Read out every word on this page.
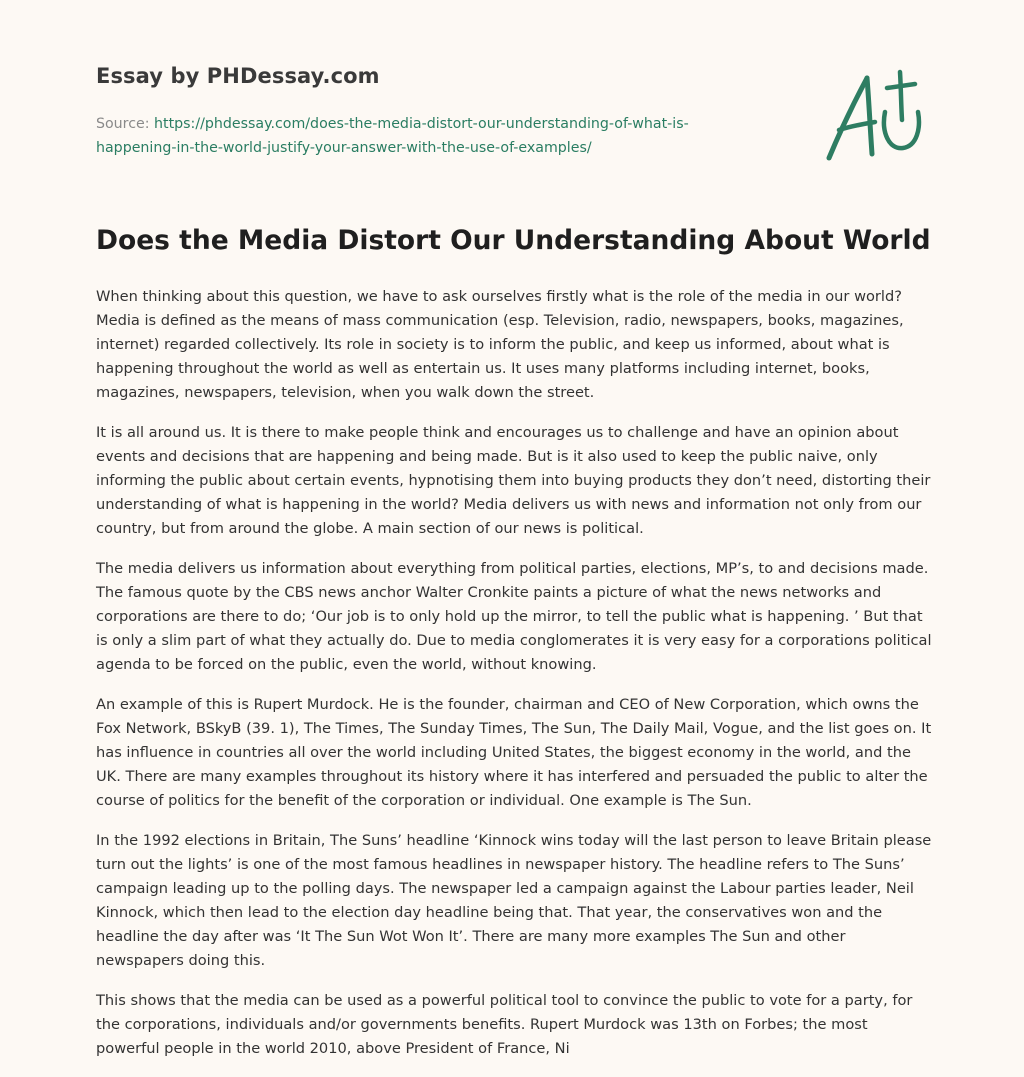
Essay by PHDessay.com

Source: https://phdessay.com/does-the-media-distort-our-understanding-of-what-is-happening-in-the-world-justify-your-answer-with-the-use-of-examples/

Does the Media Distort Our Understanding About World

When thinking about this question, we have to ask ourselves firstly what is the role of the media in our world? Media is defined as the means of mass communication (esp. Television, radio, newspapers, books, magazines, internet) regarded collectively. Its role in society is to inform the public, and keep us informed, about what is happening throughout the world as well as entertain us. It uses many platforms including internet, books, magazines, newspapers, television, when you walk down the street.

It is all around us. It is there to make people think and encourages us to challenge and have an opinion about events and decisions that are happening and being made. But is it also used to keep the public naive, only informing the public about certain events, hypnotising them into buying products they don’t need, distorting their understanding of what is happening in the world? Media delivers us with news and information not only from our country, but from around the globe. A main section of our news is political.

The media delivers us information about everything from political parties, elections, MP’s, to and decisions made. The famous quote by the CBS news anchor Walter Cronkite paints a picture of what the news networks and corporations are there to do; ‘Our job is to only hold up the mirror, to tell the public what is happening. ’ But that is only a slim part of what they actually do. Due to media conglomerates it is very easy for a corporations political agenda to be forced on the public, even the world, without knowing.

An example of this is Rupert Murdock. He is the founder, chairman and CEO of New Corporation, which owns the Fox Network, BSkyB (39. 1), The Times, The Sunday Times, The Sun, The Daily Mail, Vogue, and the list goes on. It has influence in countries all over the world including United States, the biggest economy in the world, and the UK. There are many examples throughout its history where it has interfered and persuaded the public to alter the course of politics for the benefit of the corporation or individual. One example is The Sun.

In the 1992 elections in Britain, The Suns’ headline ‘Kinnock wins today will the last person to leave Britain please turn out the lights’ is one of the most famous headlines in newspaper history. The headline refers to The Suns’ campaign leading up to the polling days. The newspaper led a campaign against the Labour parties leader, Neil Kinnock, which then lead to the election day headline being that. That year, the conservatives won and the headline the day after was ‘It The Sun Wot Won It’. There are many more examples The Sun and other newspapers doing this.

This shows that the media can be used as a powerful political tool to convince the public to vote for a party, for the corporations, individuals and/or governments benefits. Rupert Murdock was 13th on Forbes; the most powerful people in the world 2010, above President of France, Ni
